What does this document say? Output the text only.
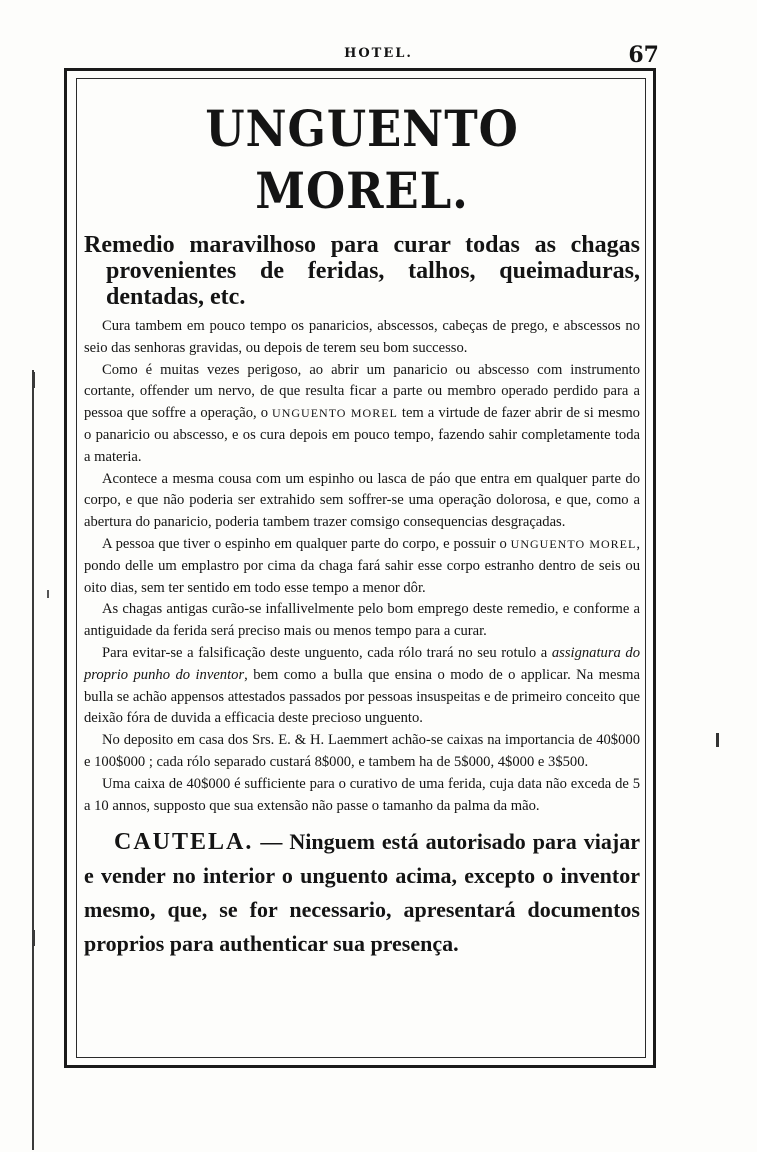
HOTEL.	67
UNGUENTO MOREL.

Remedio maravilhoso para curar todas as chagas provenientes de feridas, talhos, queimaduras, dentadas, etc.

Cura tambem em pouco tempo os panaricios, abscessos, cabeças de prego, e abscessos no seio das senhoras gravidas, ou depois de terem seu bom successo.

Como é muitas vezes perigoso, ao abrir um panaricio ou abscesso com instrumento cortante, offender um nervo, de que resulta ficar a parte ou membro operado perdido para a pessoa que soffre a operação, o UNGUENTO MOREL tem a virtude de fazer abrir de si mesmo o panaricio ou abscesso, e os cura depois em pouco tempo, fazendo sahir completamente toda a materia.

Acontece a mesma cousa com um espinho ou lasca de páo que entra em qualquer parte do corpo, e que não poderia ser extrahido sem soffrer-se uma operação dolorosa, e que, como a abertura do panaricio, poderia tambem trazer comsigo consequencias desgraçadas.

A pessoa que tiver o espinho em qualquer parte do corpo, e possuir o UNGUENTO MOREL, pondo delle um emplastro por cima da chaga fará sahir esse corpo estranho dentro de seis ou oito dias, sem ter sentido em todo esse tempo a menor dôr.

As chagas antigas curão-se infallivelmente pelo bom emprego deste remedio, e conforme a antiguidade da ferida será preciso mais ou menos tempo para a curar.

Para evitar-se a falsificação deste unguento, cada rólo trará no seu rotulo a assignatura do proprio punho do inventor, bem como a bulla que ensina o modo de o applicar. Na mesma bulla se achão appensos attestados passados por pessoas insuspeitas e de primeiro conceito que deixão fóra de duvida a efficacia deste precioso unguento.

No deposito em casa dos Srs. E. & H. Laemmert achão-se caixas na importancia de 40$000 e 100$000 ; cada rólo separado custará 8$000, e tambem ha de 5$000, 4$000 e 3$500.

Uma caixa de 40$000 é sufficiente para o curativo de uma ferida, cuja data não exceda de 5 a 10 annos, supposto que sua extensão não passe o tamanho da palma da mão.

CAUTELA. — Ninguem está autorisado para viajar e vender no interior o unguento acima, excepto o inventor mesmo, que, se for necessario, apresentará documentos proprios para authenticar sua presença.
